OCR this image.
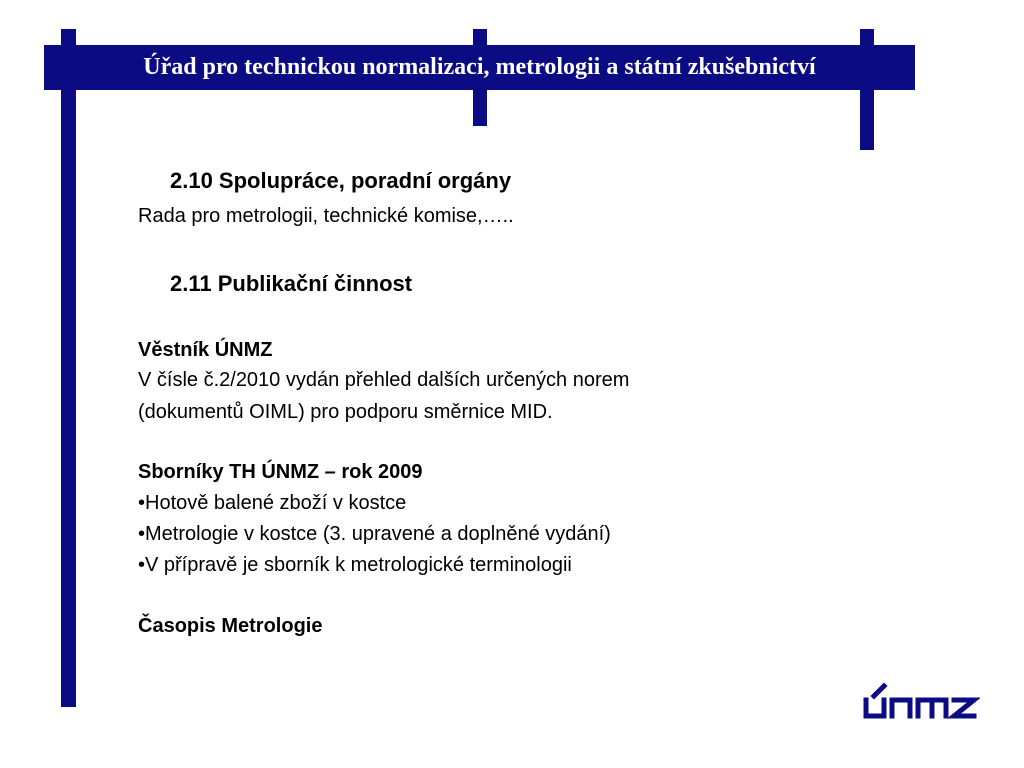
Úřad pro technickou normalizaci, metrologii a státní zkušebnictví
2.10 Spolupráce, poradní orgány
Rada pro metrologii, technické komise,…..
2.11 Publikační činnost
Věstník ÚNMZ
V čísle č.2/2010 vydán přehled dalších určených norem
(dokumentů OIML) pro podporu směrnice MID.
Sborníky TH ÚNMZ – rok 2009
•Hotově balené zboží v kostce
•Metrologie v kostce (3. upravené a doplněné vydání)
•V přípravě je sborník k metrologické terminologii
Časopis Metrologie
